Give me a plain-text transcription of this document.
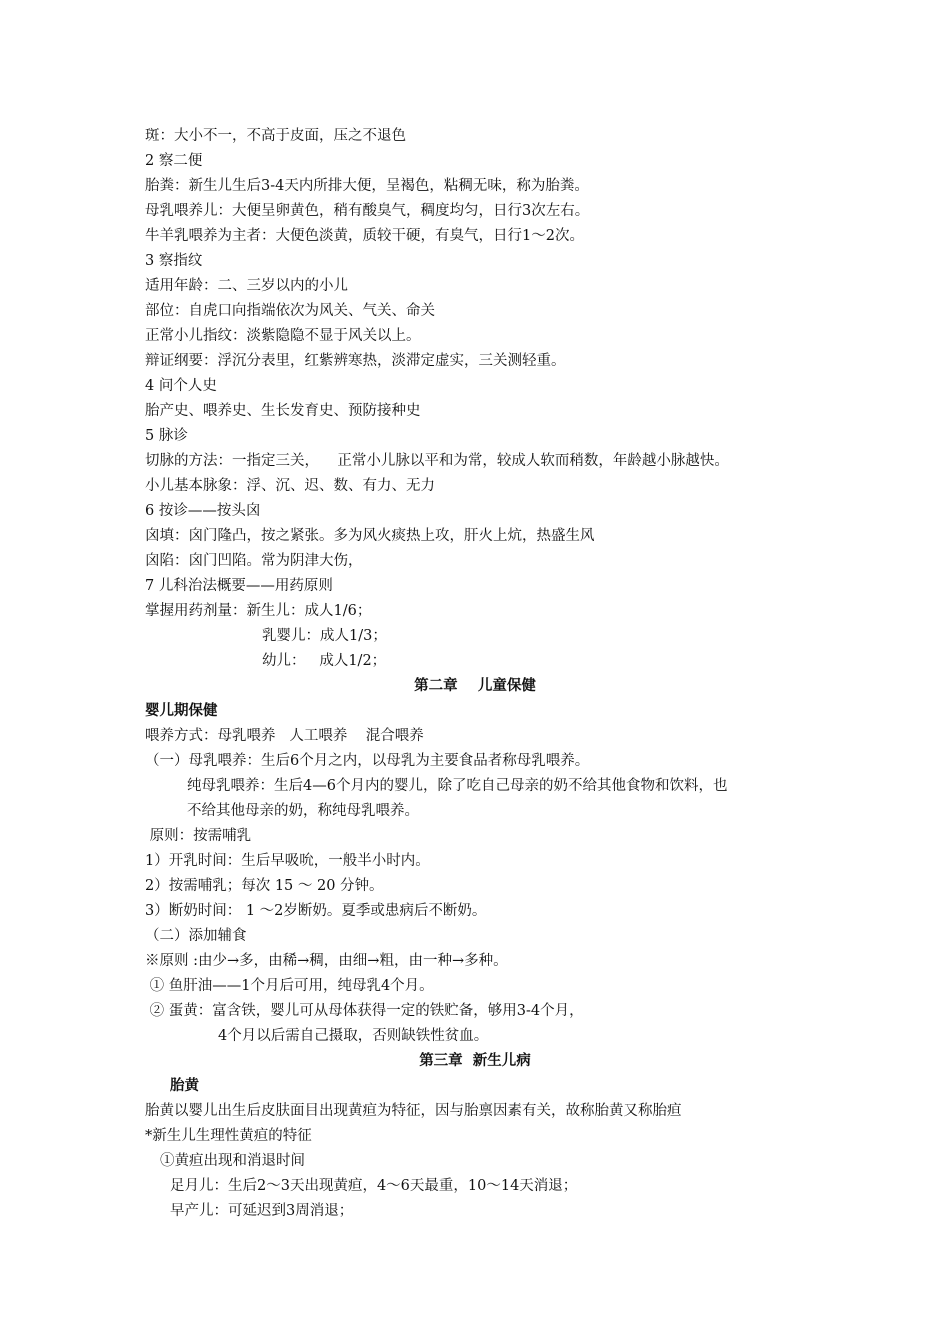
斑：大小不一，不高于皮面，压之不退色
2 察二便
胎粪：新生儿生后3-4天内所排大便，呈褐色，粘稠无味，称为胎粪。
母乳喂养儿：大便呈卵黄色，稍有酸臭气，稠度均匀，日行3次左右。
牛羊乳喂养为主者：大便色淡黄，质较干硬，有臭气，日行1～2次。
3 察指纹
适用年龄：二、三岁以内的小儿
部位：自虎口向指端依次为风关、气关、命关
正常小儿指纹：淡紫隐隐不显于风关以上。
辩证纲要：浮沉分表里，红紫辨寒热，淡滞定虚实，三关测轻重。
4 问个人史
胎产史、喂养史、生长发育史、预防接种史
5 脉诊
切脉的方法：一指定三关，    正常小儿脉以平和为常，较成人软而稍数，年龄越小脉越快。
小儿基本脉象：浮、沉、迟、数、有力、无力
6 按诊——按头囟
囟填：囟门隆凸，按之紧张。多为风火痰热上攻，肝火上炕，热盛生风
囟陷：囟门凹陷。常为阴津大伤，
7 儿科治法概要——用药原则
掌握用药剂量：新生儿：成人1/6；
乳婴儿：成人1/3；
幼儿：   成人1/2；
第二章    儿童保健
婴儿期保健
喂养方式：母乳喂养   人工喂养    混合喂养
（一）母乳喂养：生后6个月之内，以母乳为主要食品者称母乳喂养。
纯母乳喂养：生后4—6个月内的婴儿，除了吃自己母亲的奶不给其他食物和饮料，也
不给其他母亲的奶，称纯母乳喂养。
原则：按需哺乳
1）开乳时间：生后早吸吮，一般半小时内。
2）按需哺乳；每次 15 ～ 20 分钟。
3）断奶时间： 1 ～2岁断奶。夏季或患病后不断奶。
（二）添加辅食
※原则 :由少→多，由稀→稠，由细→粗，由一种→多种。
① 鱼肝油——1个月后可用，纯母乳4个月。
② 蛋黄：富含铁，婴儿可从母体获得一定的铁贮备，够用3-4个月，
4个月以后需自己摄取，否则缺铁性贫血。
第三章  新生儿病
胎黄
胎黄以婴儿出生后皮肤面目出现黄疸为特征，因与胎禀因素有关，故称胎黄又称胎疸
*新生儿生理性黄疸的特征
①黄疸出现和消退时间
足月儿：生后2～3天出现黄疸，4～6天最重，10～14天消退；
早产儿：可延迟到3周消退；
